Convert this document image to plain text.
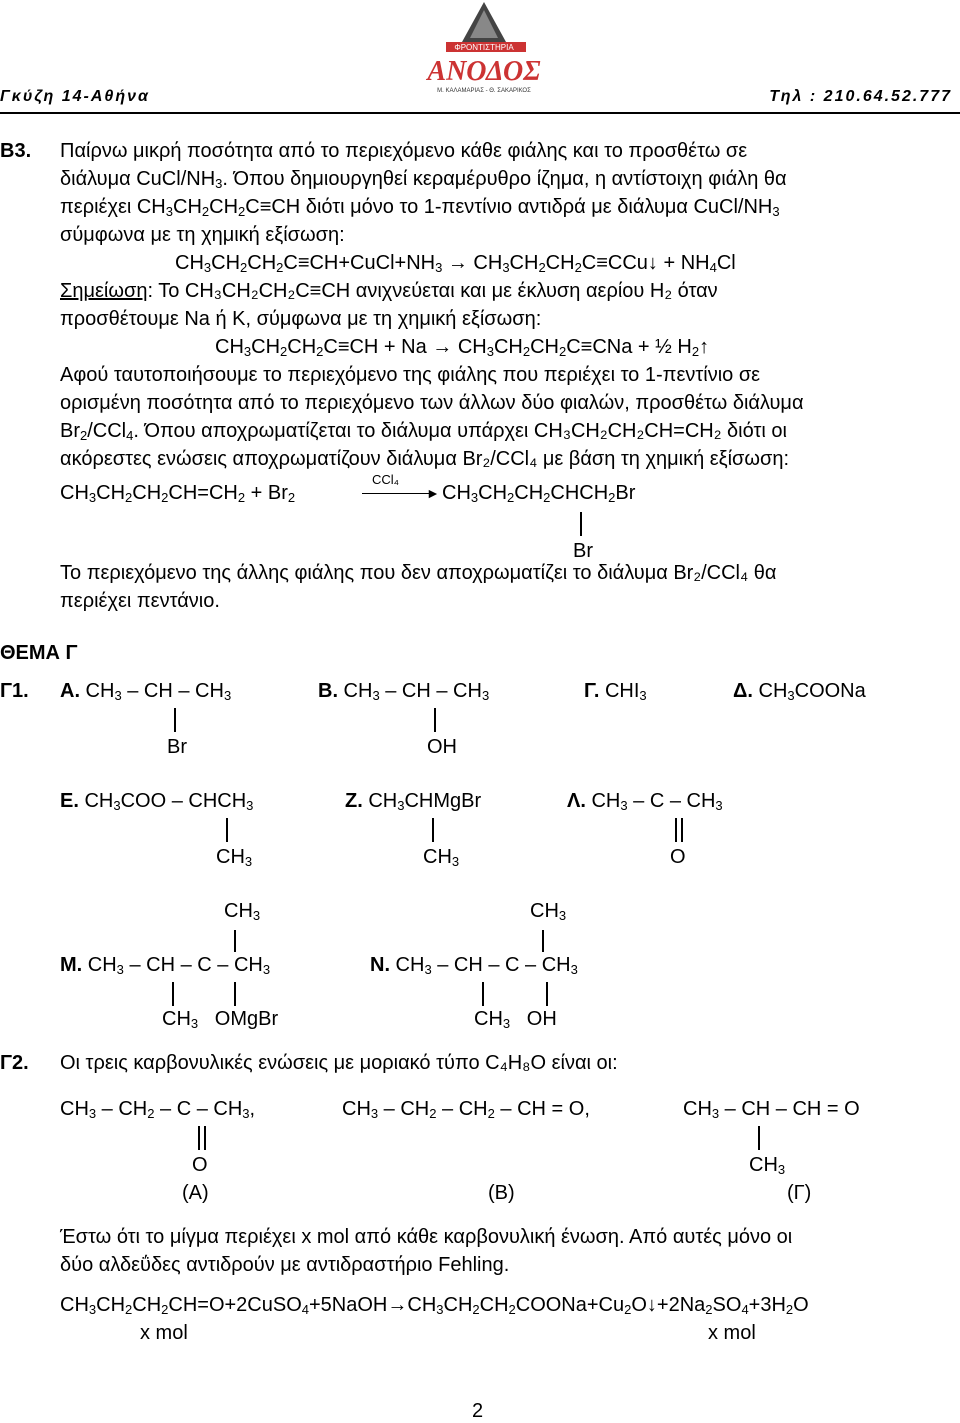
ΦΡΟΝΤΙΣΤΗΡΙΑ
ΑΝΟΔΟΣ
Μ. ΚΑΛΑΜΑΡΙΑΣ - Θ. ΣΑΚΑΡΙΚΟΣ
Γκύζη 14-Αθήνα	Τηλ : 210.64.52.777
Β3. Παίρνω μικρή ποσότητα από το περιεχόμενο κάθε φιάλης και το προσθέτω σε
διάλυμα CuCl/$NH_3$. Όπου δημιουργηθεί κεραμέρυθρο ίζημα, η αντίστοιχη φιάλη θα
περιέχει $CH_3CH_2CH_2C\equiv CH$ διότι μόνο το 1-πεντίνιο αντιδρά με διάλυμα CuCl/$NH_3$
σύμφωνα με τη χημική εξίσωση:
$CH_3CH_2CH_2C\equiv CH+CuCl+NH_3$ → $CH_3CH_2CH_2C\equiv CCu↓ + NH_4Cl$
Σημείωση: Το CH₃CH₂CH₂C≡CH ανιχνεύεται και με έκλυση αερίου H₂ όταν
προσθέτουμε Na ή K, σύμφωνα με τη χημική εξίσωση:
$CH_3CH_2CH_2C\equiv CH + Na \to CH_3CH_2CH_2C\equiv CNa$ + ½ $H_2↑$
Αφού ταυτοποιήσουμε το περιεχόμενο της φιάλης που περιέχει το 1-πεντίνιο σε
ορισμένη ποσότητα από το περιεχόμενο των άλλων δύο φιαλών, προσθέτω διάλυμα
$Br_2/CCl_4$. Όπου αποχρωματίζεται το διάλυμα υπάρχει CH₃CH₂CH₂CH=CH₂ διότι οι
ακόρεστες ενώσεις αποχρωματίζουν διάλυμα Br₂/CCl₄ με βάση τη χημική εξίσωση:
$CH_3CH_2CH_2CH=CH_2 + Br_2$
CCl₄
► $CH_3CH_2CH_2CHCH_2Br$
Br
Το περιεχόμενο της άλλης φιάλης που δεν αποχρωματίζει το διάλυμα Br₂/CCl₄ θα
περιέχει πεντάνιο.
ΘΕΜΑ Γ
Γ1. Α. $CH_3$ – CH – $CH_3$
Br
Β. $CH_3$ – CH – $CH_3$
OH
Γ. $CHI_3$	Δ. $CH_3COONa$
Ε. $CH_3COO$ – $CHCH_3$
$CH_3$
Ζ. $CH_3CHMgBr$
$CH_3$
Λ. $CH_3$ – C – $CH_3$
O
$CH_3$
Μ. $CH_3$ – CH – C – $CH_3$
$CH_3$   OMgBr
$CH_3$
Ν. $CH_3$ – CH – C – $CH_3$
$CH_3$   OH
Γ2. Οι τρεις καρβονυλικές ενώσεις με μοριακό τύπο C₄H₈O είναι οι:
$CH_3 - CH_2$ – C – $CH_3$,
O
(Α)
$CH_3 - CH_2 - CH_2$ – CH = O,
(Β)
$CH_3$ – CH – CH = O
$CH_3$
(Γ)
Έστω ότι το μίγμα περιέχει x mol από κάθε καρβονυλική ένωση. Από αυτές μόνο οι
δύο αλδεΰδες αντιδρούν με αντιδραστήριο Fehling.
$CH_3CH_2CH_2CH=O+2CuSO_4+5NaOH\to CH_3CH_2CH_2COONa+Cu_2O↓+2Na_2SO_4+3H_2O$
x mol	x mol
2
